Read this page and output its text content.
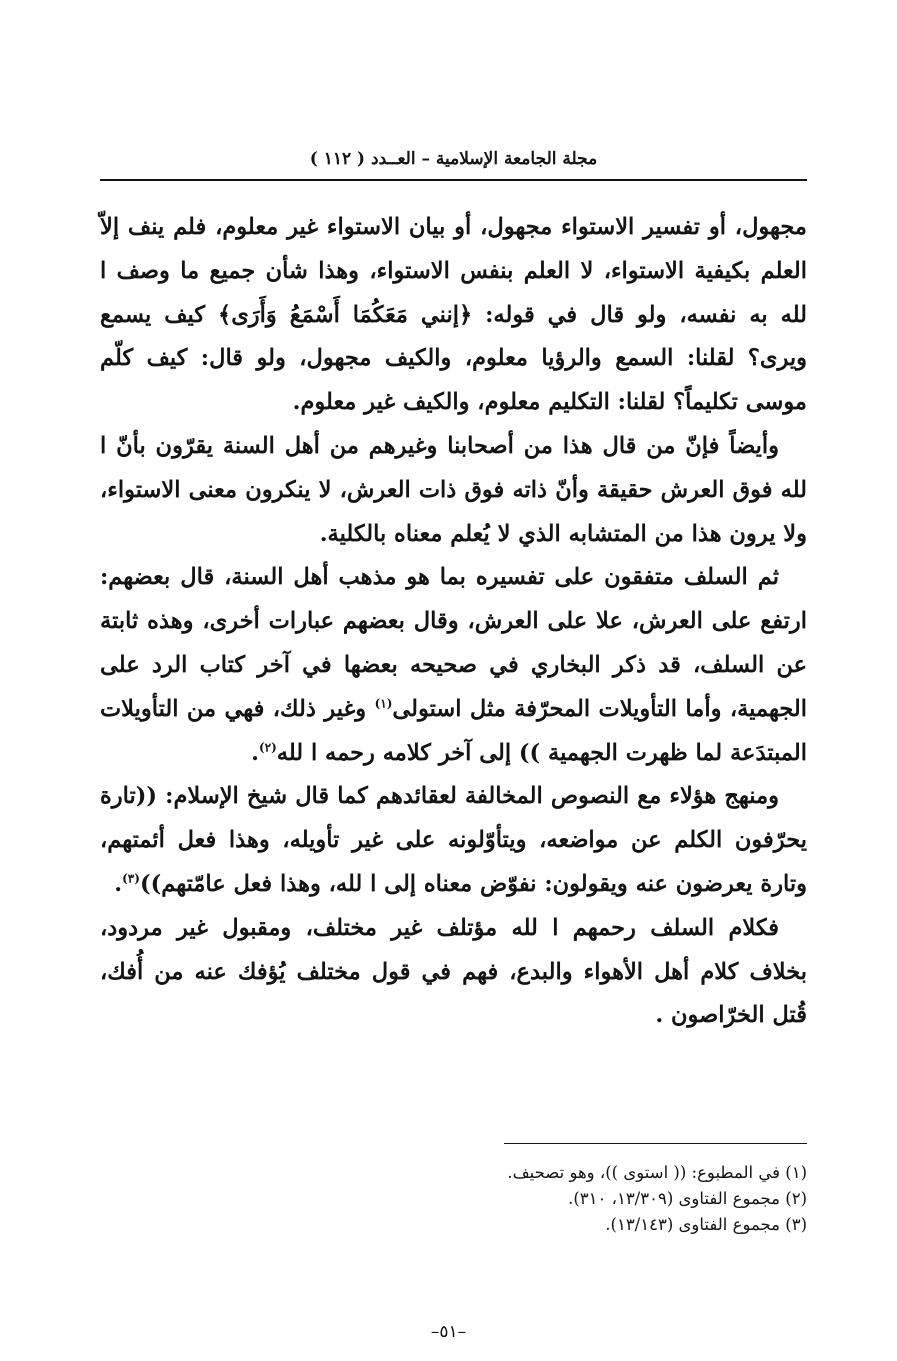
مجلة الجامعة الإسلامية – العــدد ( ١١٢ )

مجهول، أو تفسير الاستواء مجهول، أو بيان الاستواء غير معلوم، فلم ينف إلاّ العلم بكيفية الاستواء، لا العلم بنفس الاستواء، وهذا شأن جميع ما وصف ا لله به نفسه، ولو قال في قوله: ﴿إنني مَعَكُمَا أَسْمَعُ وَأَرَى﴾ كيف يسمع ويرى؟ لقلنا: السمع والرؤيا معلوم، والكيف مجهول، ولو قال: كيف كلّم موسى تكليماً؟ لقلنا: التكليم معلوم، والكيف غير معلوم.

وأيضاً فإنّ من قال هذا من أصحابنا وغيرهم من أهل السنة يقرّون بأنّ ا لله فوق العرش حقيقة وأنّ ذاته فوق ذات العرش، لا ينكرون معنى الاستواء، ولا يرون هذا من المتشابه الذي لا يُعلم معناه بالكلية.

ثم السلف متفقون على تفسيره بما هو مذهب أهل السنة، قال بعضهم: ارتفع على العرش، علا على العرش، وقال بعضهم عبارات أخرى، وهذه ثابتة عن السلف، قد ذكر البخاري في صحيحه بعضها في آخر كتاب الرد على الجهمية، وأما التأويلات المحرّفة مثل استولى$^{(١)}$ وغير ذلك، فهي من التأويلات المبتدَعة لما ظهرت الجهمية )) إلى آخر كلامه رحمه ا لله$^{(٢)}$.

ومنهج هؤلاء مع النصوص المخالفة لعقائدهم كما قال شيخ الإسلام: ((تارة يحرّفون الكلم عن مواضعه، ويتأوّلونه على غير تأويله، وهذا فعل أئمتهم، وتارة يعرضون عنه ويقولون: نفوّض معناه إلى ا لله، وهذا فعل عامّتهم))$^{(٣)}$.

فكلام السلف رحمهم ا لله مؤتلف غير مختلف، ومقبول غير مردود، بخلاف كلام أهل الأهواء والبدع، فهم في قول مختلف يُؤفك عنه من أُفك، قُتل الخرّاصون .

(١) في المطبوع: (( استوى ))، وهو تصحيف.
(٢) مجموع الفتاوى (١٣/٣٠٩، ٣١٠).
(٣) مجموع الفتاوى (١٣/١٤٣).
–٥١–
